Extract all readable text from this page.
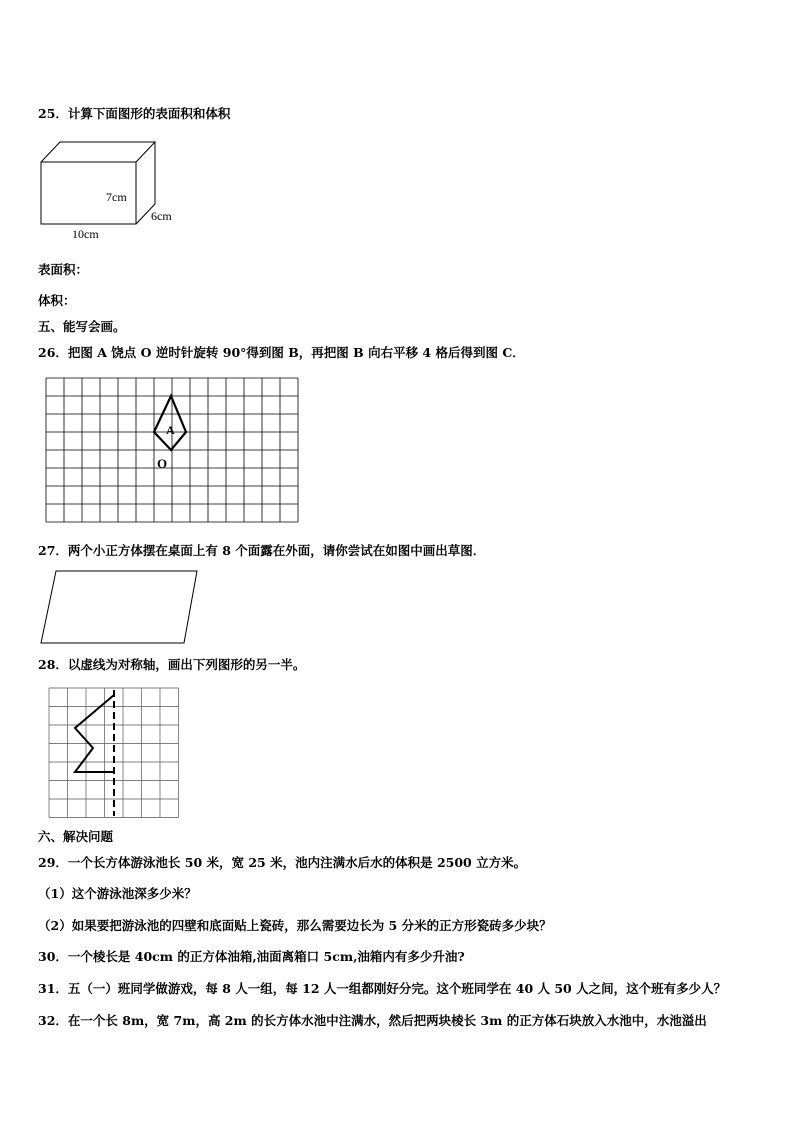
25．计算下面图形的表面积和体积
7cm
6cm
10cm
表面积：
体积：
五、能写会画。
26．把图 A 饶点 O 逆时针旋转 90°得到图 B，再把图 B 向右平移 4 格后得到图 C．
A
O
27．两个小正方体摆在桌面上有 8 个面露在外面，请你尝试在如图中画出草图．
28．以虚线为对称轴，画出下列图形的另一半。
六、解决问题
29．一个长方体游泳池长 50 米，宽 25 米，池内注满水后水的体积是 2500 立方米。
（1）这个游泳池深多少米？
（2）如果要把游泳池的四壁和底面贴上瓷砖，那么需要边长为 5 分米的正方形瓷砖多少块？
30．一个棱长是 40cm 的正方体油箱,油面离箱口 5cm,油箱内有多少升油?
31．五（一）班同学做游戏，每 8 人一组，每 12 人一组都刚好分完。这个班同学在 40 人 50 人之间，这个班有多少人？
32．在一个长 8m，宽 7m，高 2m 的长方体水池中注满水，然后把两块棱长 3m 的正方体石块放入水池中，水池溢出
